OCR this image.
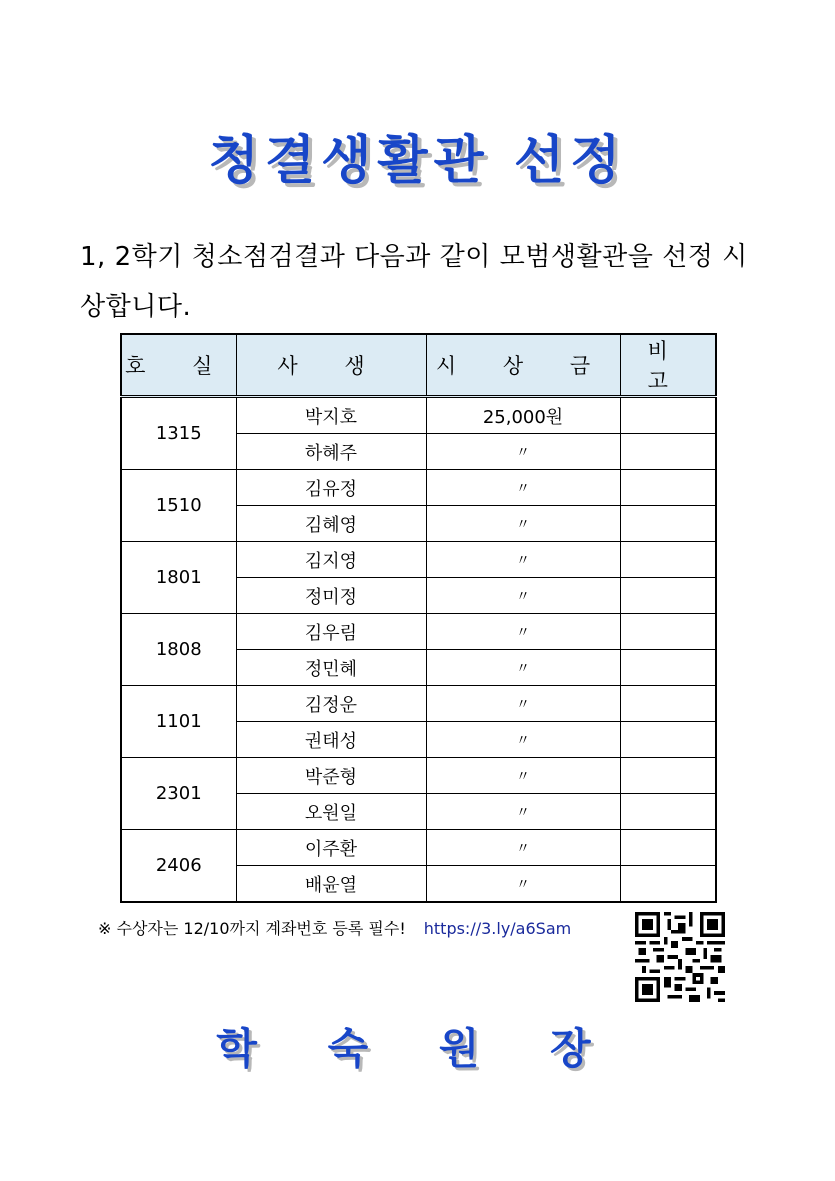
청결생활관 선정
1, 2학기 청소점검결과 다음과 같이 모범생활관을 선정 시상합니다.
호 실	사 생	시 상 금	비 고
1315	박지호	25,000원	
	하혜주	〃	
1510	김유정	〃	
	김혜영	〃	
1801	김지영	〃	
	정미정	〃	
1808	김우림	〃	
	정민혜	〃	
1101	김정운	〃	
	권태성	〃	
2301	박준형	〃	
	오원일	〃	
2406	이주환	〃	
	배윤열	〃	
※ 수상자는 12/10까지 계좌번호 등록 필수! https://3.ly/a6Sam
학 숙 원 장
